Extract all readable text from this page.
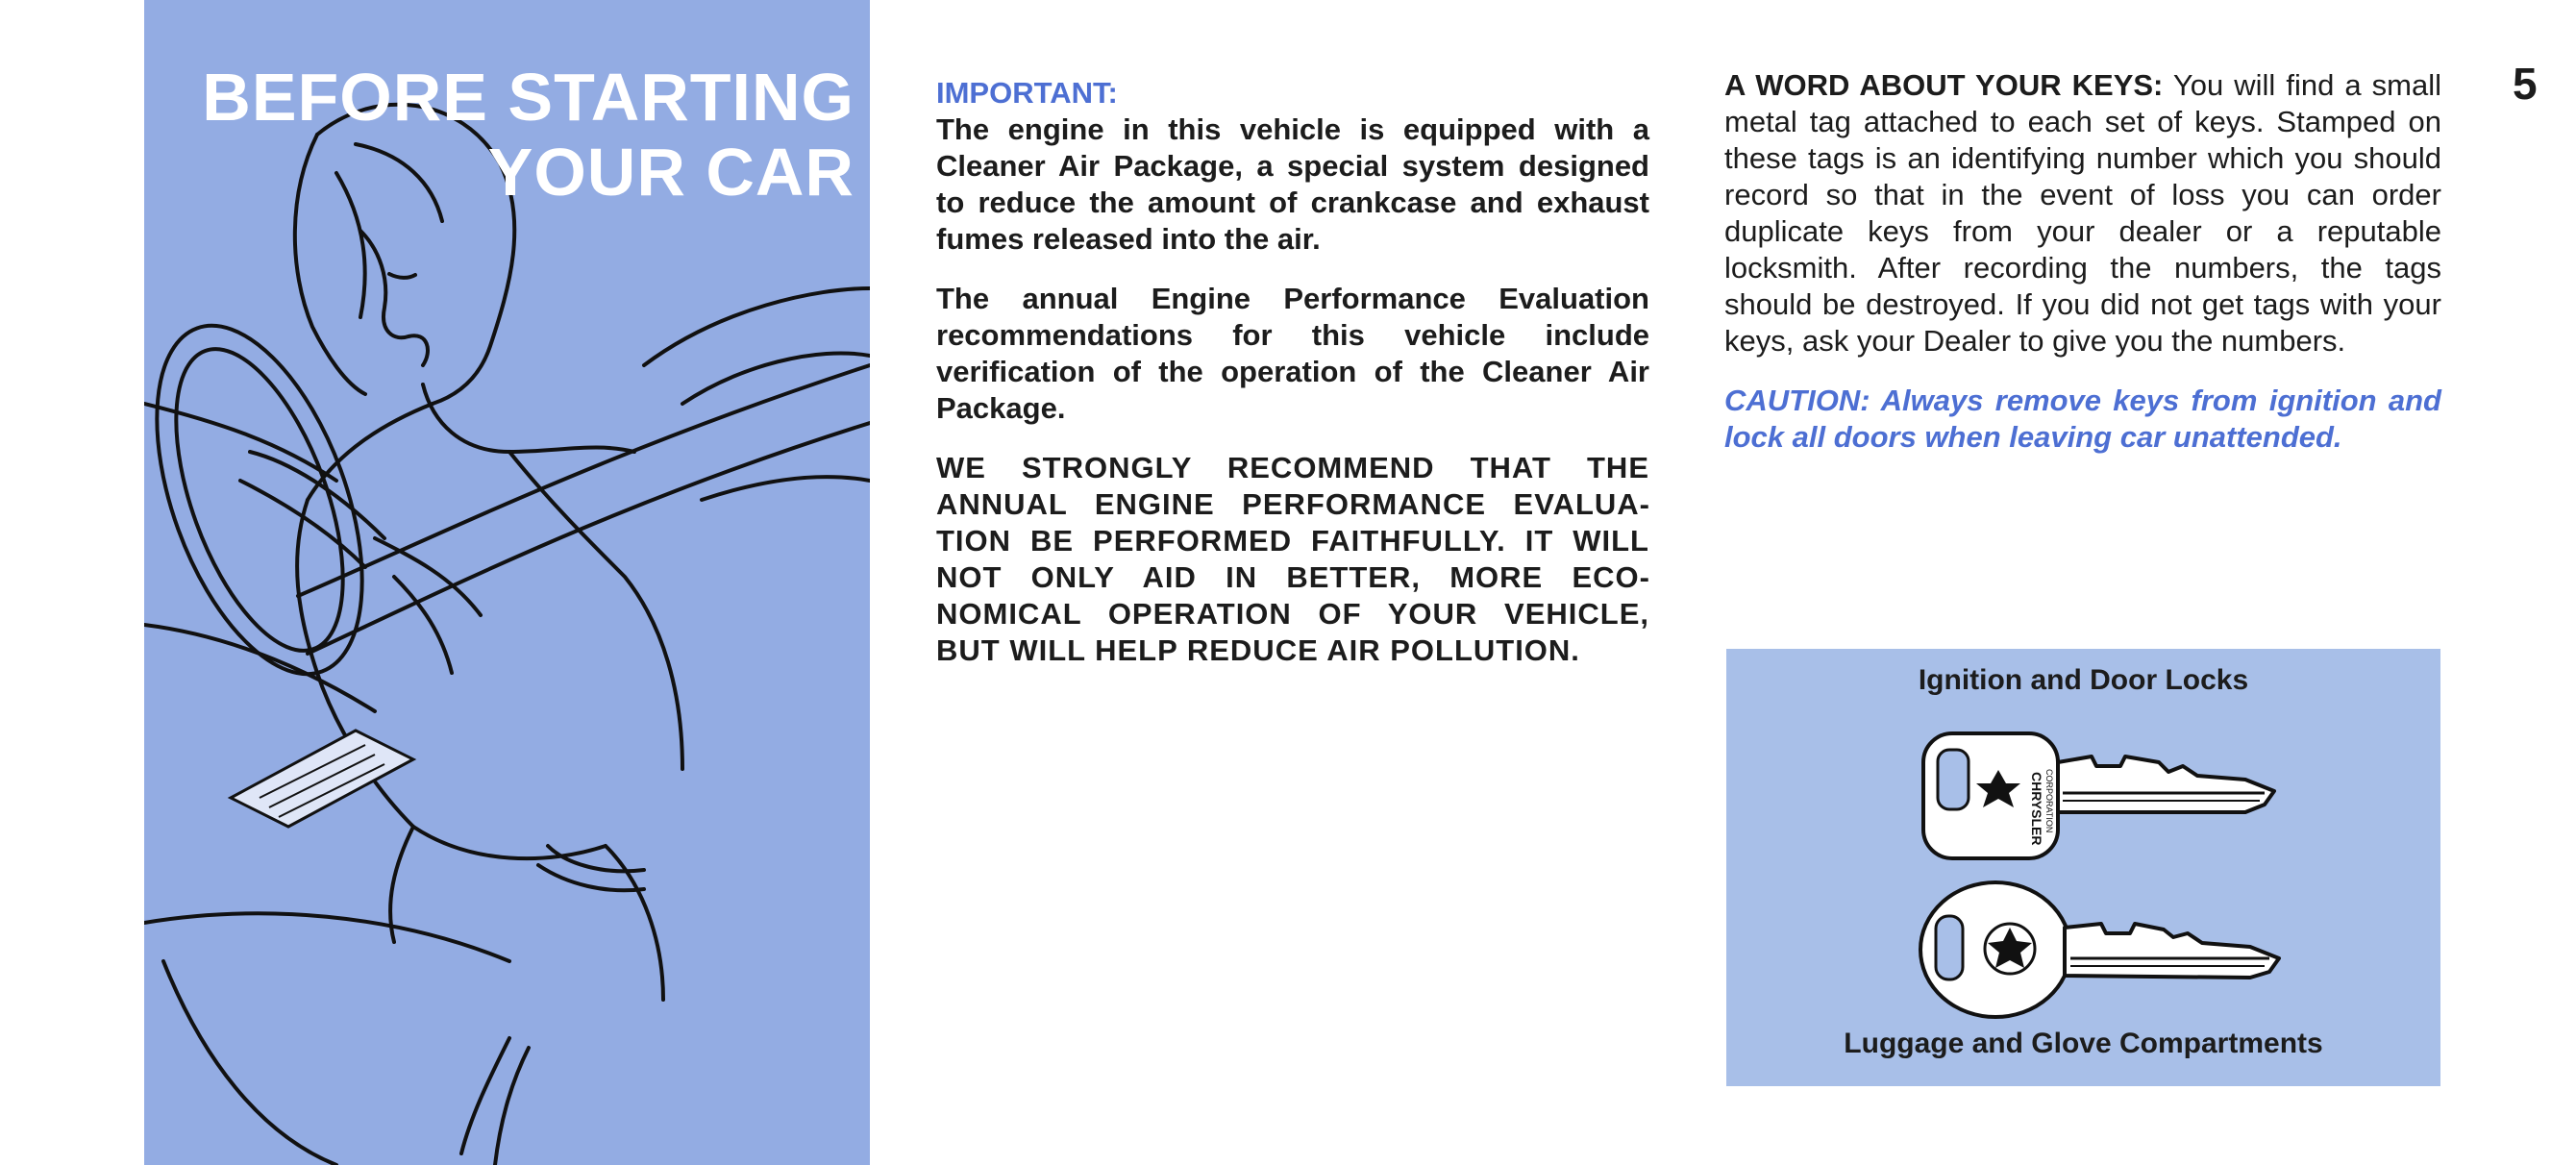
BEFORE STARTING
YOUR CAR
IMPORTANT:

The engine in this vehicle is equipped with a Cleaner Air Package, a special system designed to reduce the amount of crankcase and exhaust fumes released into the air.

The annual Engine Performance Evaluation recommendations for this vehicle include verification of the operation of the Cleaner Air Package.

WE STRONGLY RECOMMEND THAT THE ANNUAL ENGINE PERFORMANCE EVALUATION BE PERFORMED FAITHFULLY. IT WILL NOT ONLY AID IN BETTER, MORE ECONOMICAL OPERATION OF YOUR VEHICLE, BUT WILL HELP REDUCE AIR POLLUTION.

A WORD ABOUT YOUR KEYS: You will find a small metal tag attached to each set of keys. Stamped on these tags is an identifying number which you should record so that in the event of loss you can order duplicate keys from your dealer or a reputable locksmith. After recording the numbers, the tags should be destroyed. If you did not get tags with your keys, ask your Dealer to give you the numbers.

CAUTION: Always remove keys from ignition and lock all doors when leaving car unattended.

5
Ignition and Door Locks
CHRYSLER CORPORATION
Luggage and Glove Compartments
